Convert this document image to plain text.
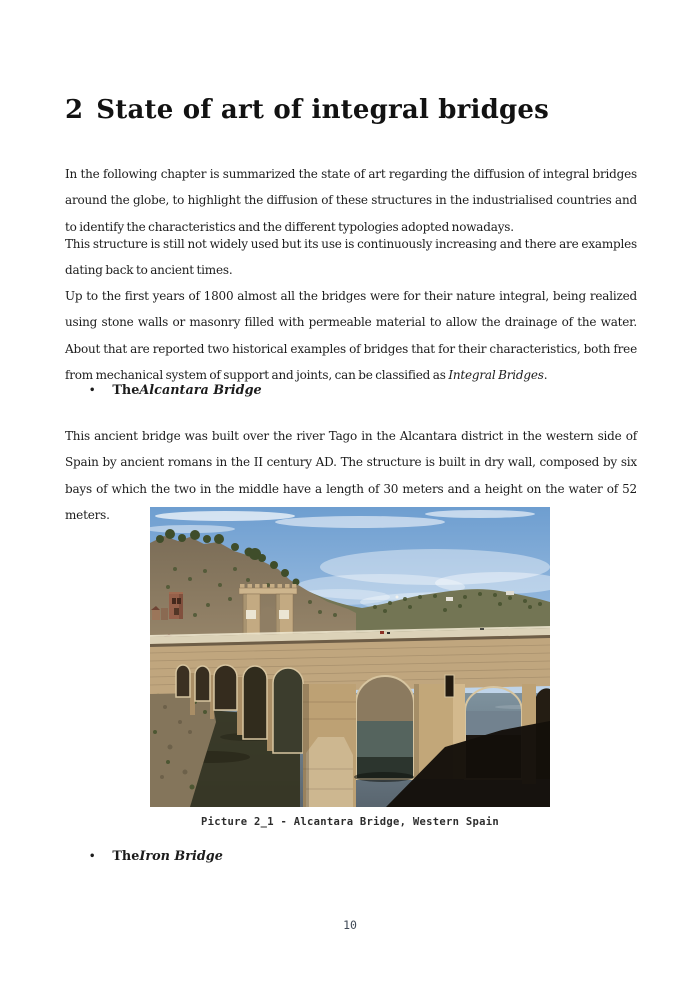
2 State of art of integral bridges

In the following chapter is summarized the state of art regarding the diffusion of integral bridges around the globe, to highlight the diffusion of these structures in the industrialised countries and to identify the characteristics and the different typologies adopted nowadays.

This structure is still not widely used but its use is continuously increasing and there are examples dating back to ancient times.

Up to the first years of 1800 almost all the bridges were for their nature integral, being realized using stone walls or masonry filled with permeable material to allow the drainage of the water. About that are reported two historical examples of bridges that for their characteristics, both free from mechanical system of support and joints, can be classified as Integral Bridges.

• The Alcantara Bridge

This ancient bridge was built over the river Tago in the Alcantara district in the western side of Spain by ancient romans in the II century AD. The structure is built in dry wall, composed by six bays of which the two in the middle have a length of 30 meters and a height on the water of 52 meters.

Picture 2_1 - Alcantara Bridge, Western Spain
• The Iron Bridge
10
